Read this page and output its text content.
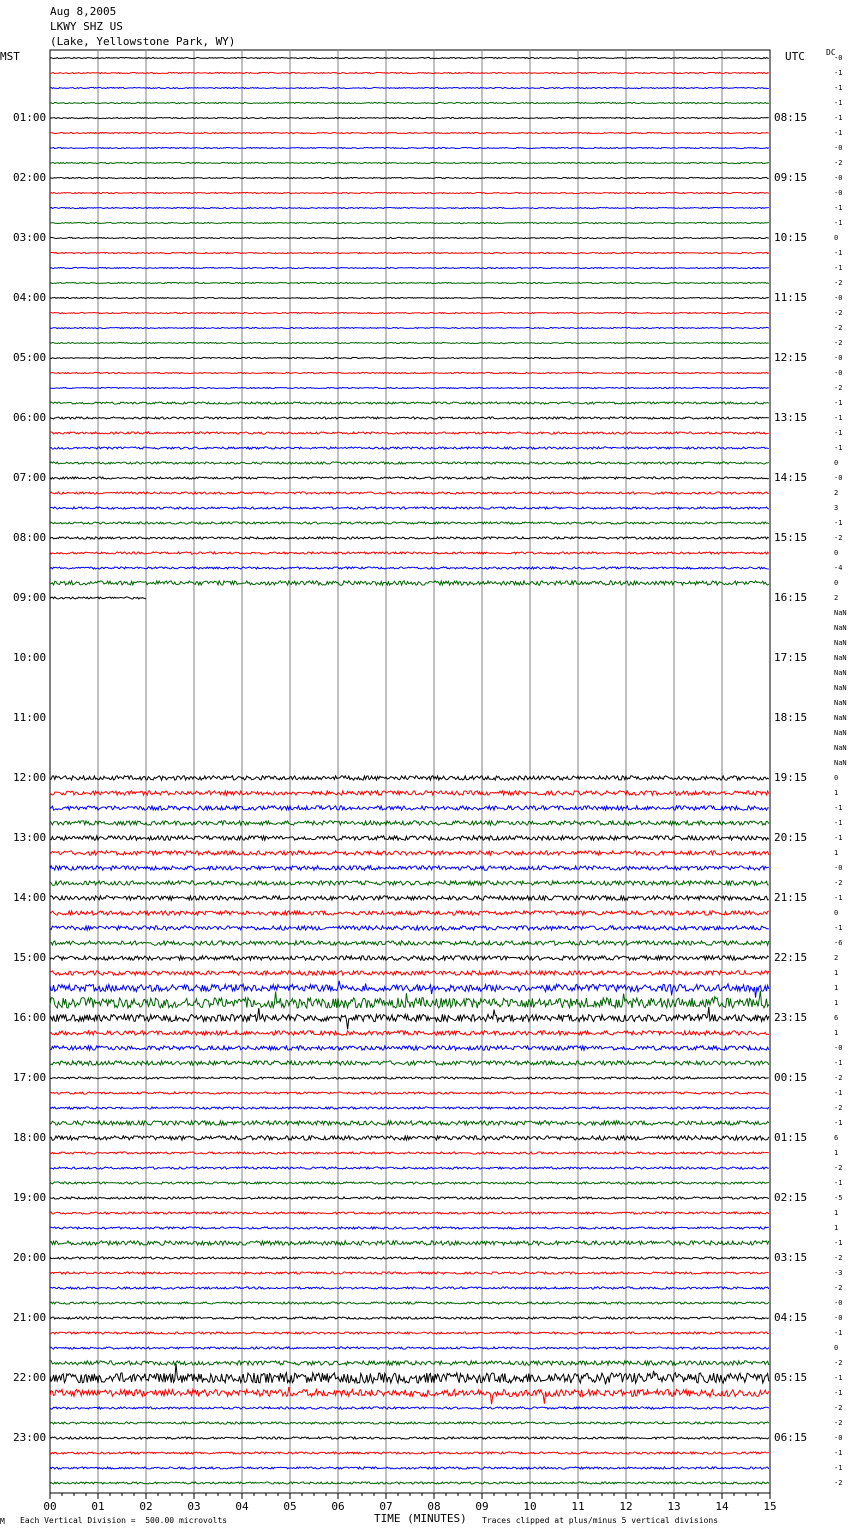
Aug 8,2005
LKWY SHZ US
(Lake, Yellowstone Park, WY)
MST	UTC	DC
-0
-1
-1
-1
-1
-1
-0
-2
01:00	08:15
-0
-0
-1
-1
02:00	09:15
0
-1
-1
-2
03:00	10:15
-0
-2
-2
-2
04:00	11:15
-0
-0
-2
-1
05:00	12:15
-1
-1
-1
0
06:00	13:15
-0
2
3
-1
07:00	14:15
-2
0
-4
0
08:00	15:15
2
NaN
NaN
NaN
09:00	16:15
NaN
NaN
NaN
NaN
10:00	17:15
NaN
NaN
NaN
NaN
11:00	18:15
0
1
-1
-1
12:00	19:15
-1
1
-0
-2
13:00	20:15
-1
0
-1
-6
14:00	21:15
2
1
1
1
15:00	22:15
6
1
-0
-1
16:00	23:15
-2
-1
-2
-1
17:00	00:15
6
1
-2
-1
18:00	01:15
-5
1
1
-1
19:00	02:15
-2
-3
-2
-0
20:00	03:15
-0
-1
0
-2
21:00	04:15
-1
-1
-2
-2
22:00	05:15
-0
-1
-1
-2
23:00	06:15
00	01	02	03	04	05	06	07	08	09	10	11	12	13	14	15
M Each Vertical Division =  500.00 microvolts	TIME (MINUTES) Traces clipped at plus/minus 5 vertical divisions
